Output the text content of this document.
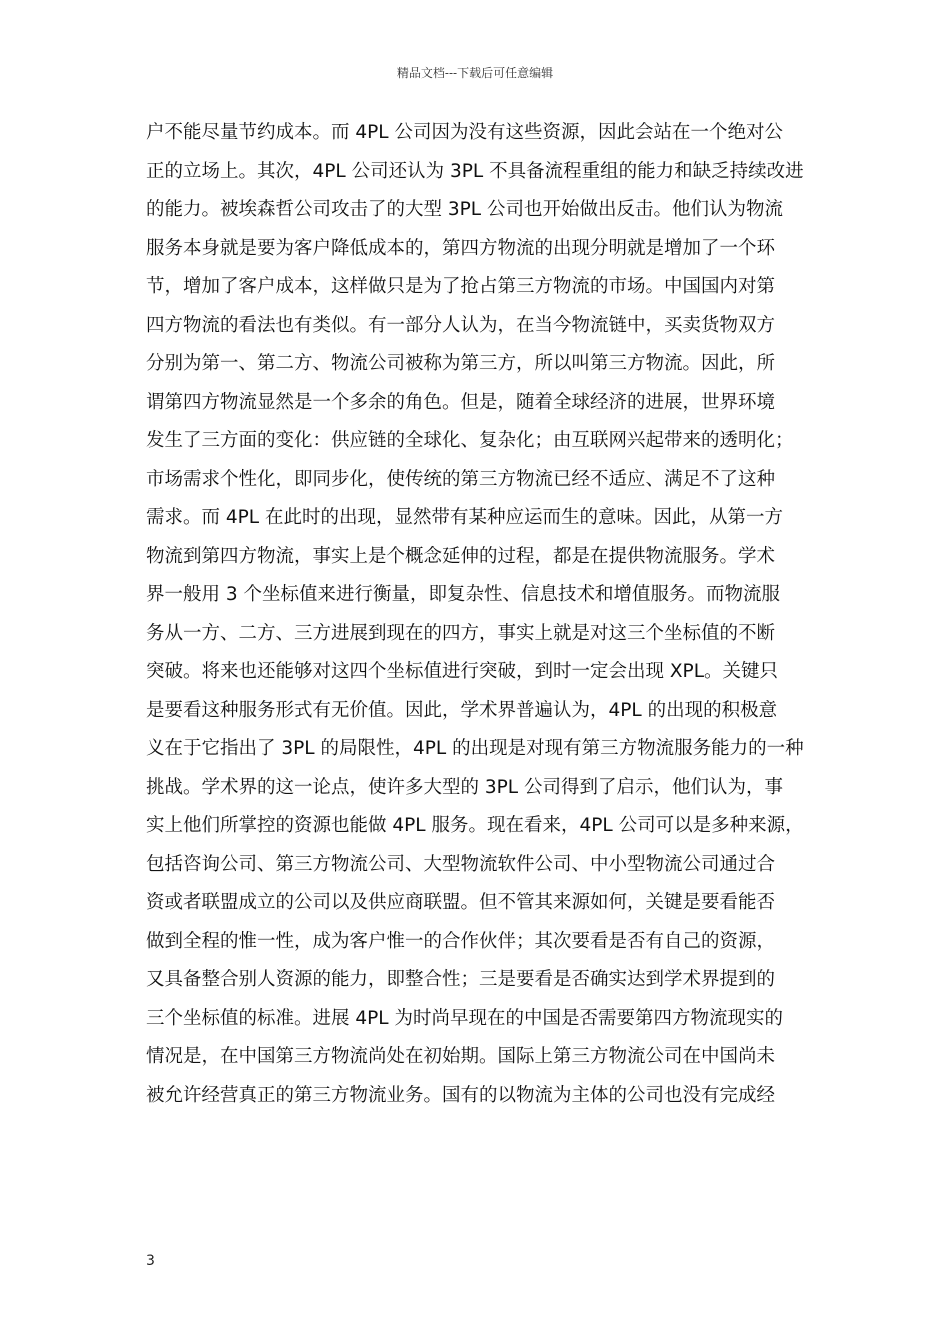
精品文档---下载后可任意编辑
户不能尽量节约成本。而 4PL 公司因为没有这些资源，因此会站在一个绝对公
正的立场上。其次，4PL 公司还认为 3PL 不具备流程重组的能力和缺乏持续改进
的能力。被埃森哲公司攻击了的大型 3PL 公司也开始做出反击。他们认为物流
服务本身就是要为客户降低成本的，第四方物流的出现分明就是增加了一个环
节，增加了客户成本，这样做只是为了抢占第三方物流的市场。中国国内对第
四方物流的看法也有类似。有一部分人认为，在当今物流链中，买卖货物双方
分别为第一、第二方、物流公司被称为第三方，所以叫第三方物流。因此，所
谓第四方物流显然是一个多余的角色。但是，随着全球经济的进展，世界环境
发生了三方面的变化：供应链的全球化、复杂化；由互联网兴起带来的透明化；
市场需求个性化，即同步化，使传统的第三方物流已经不适应、满足不了这种
需求。而 4PL 在此时的出现，显然带有某种应运而生的意味。因此，从第一方
物流到第四方物流，事实上是个概念延伸的过程，都是在提供物流服务。学术
界一般用 3 个坐标值来进行衡量，即复杂性、信息技术和增值服务。而物流服
务从一方、二方、三方进展到现在的四方，事实上就是对这三个坐标值的不断
突破。将来也还能够对这四个坐标值进行突破，到时一定会出现 XPL。关键只
是要看这种服务形式有无价值。因此，学术界普遍认为，4PL 的出现的积极意
义在于它指出了 3PL 的局限性，4PL 的出现是对现有第三方物流服务能力的一种
挑战。学术界的这一论点，使许多大型的 3PL 公司得到了启示，他们认为，事
实上他们所掌控的资源也能做 4PL 服务。现在看来，4PL 公司可以是多种来源，
包括咨询公司、第三方物流公司、大型物流软件公司、中小型物流公司通过合
资或者联盟成立的公司以及供应商联盟。但不管其来源如何，关键是要看能否
做到全程的惟一性，成为客户惟一的合作伙伴；其次要看是否有自己的资源，
又具备整合别人资源的能力，即整合性；三是要看是否确实达到学术界提到的
三个坐标值的标准。进展 4PL 为时尚早现在的中国是否需要第四方物流现实的
情况是，在中国第三方物流尚处在初始期。国际上第三方物流公司在中国尚未
被允许经营真正的第三方物流业务。国有的以物流为主体的公司也没有完成经
3
